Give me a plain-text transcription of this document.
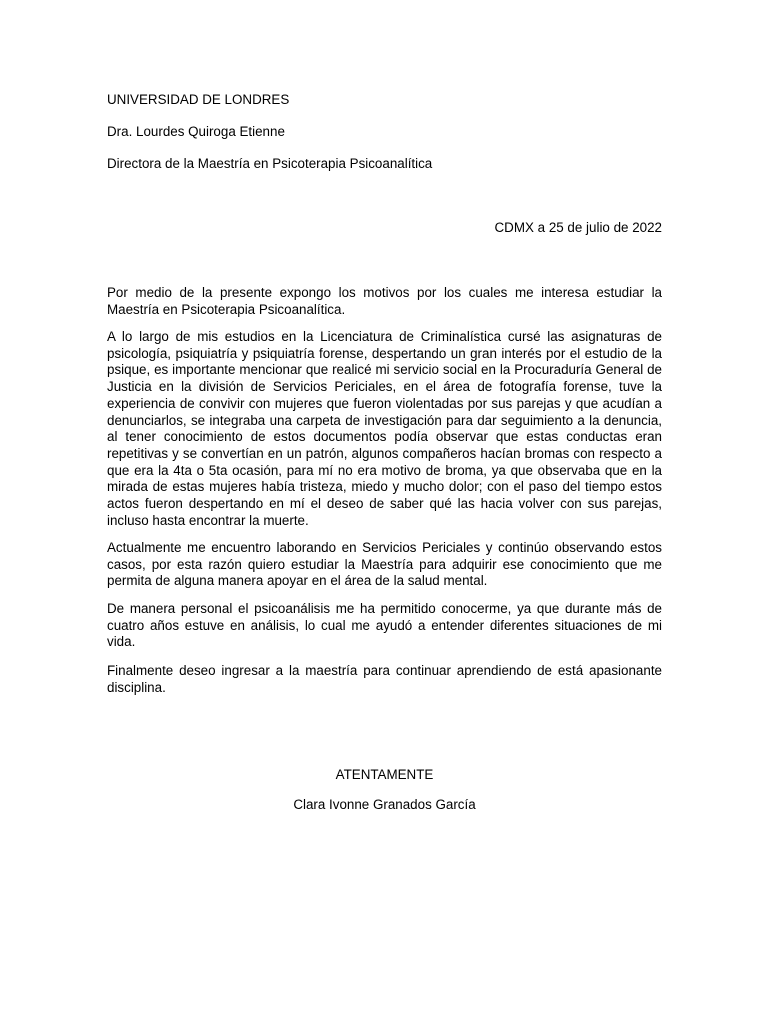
UNIVERSIDAD DE LONDRES

Dra. Lourdes Quiroga Etienne

Directora de la Maestría en Psicoterapia Psicoanalítica

CDMX a 25 de julio de 2022

Por medio de la presente expongo los motivos por los cuales me interesa estudiar la Maestría en Psicoterapia Psicoanalítica.

A lo largo de mis estudios en la Licenciatura de Criminalística cursé las asignaturas de psicología, psiquiatría y psiquiatría forense, despertando un gran interés por el estudio de la psique, es importante mencionar que realicé mi servicio social en la Procuraduría General de Justicia en la división de Servicios Periciales, en el área de fotografía forense, tuve la experiencia de convivir con mujeres que fueron violentadas por sus parejas y que acudían a denunciarlos, se integraba una carpeta de investigación para dar seguimiento a la denuncia, al tener conocimiento de estos documentos podía observar que estas conductas eran repetitivas y se convertían en un patrón, algunos compañeros hacían bromas con respecto a que era la 4ta o 5ta ocasión, para mí no era motivo de broma, ya que observaba que en la mirada de estas mujeres había tristeza, miedo y mucho dolor; con el paso del tiempo estos actos fueron despertando en mí el deseo de saber qué las hacia volver con sus parejas, incluso hasta encontrar la muerte.

Actualmente me encuentro laborando en Servicios Periciales y continúo observando estos casos, por esta razón quiero estudiar la Maestría para adquirir ese conocimiento que me permita de alguna manera apoyar en el área de la salud mental.

De manera personal el psicoanálisis me ha permitido conocerme, ya que durante más de cuatro años estuve en análisis, lo cual me ayudó a entender diferentes situaciones de mi vida.

Finalmente deseo ingresar a la maestría para continuar aprendiendo de está apasionante disciplina.

ATENTAMENTE

Clara Ivonne Granados García
